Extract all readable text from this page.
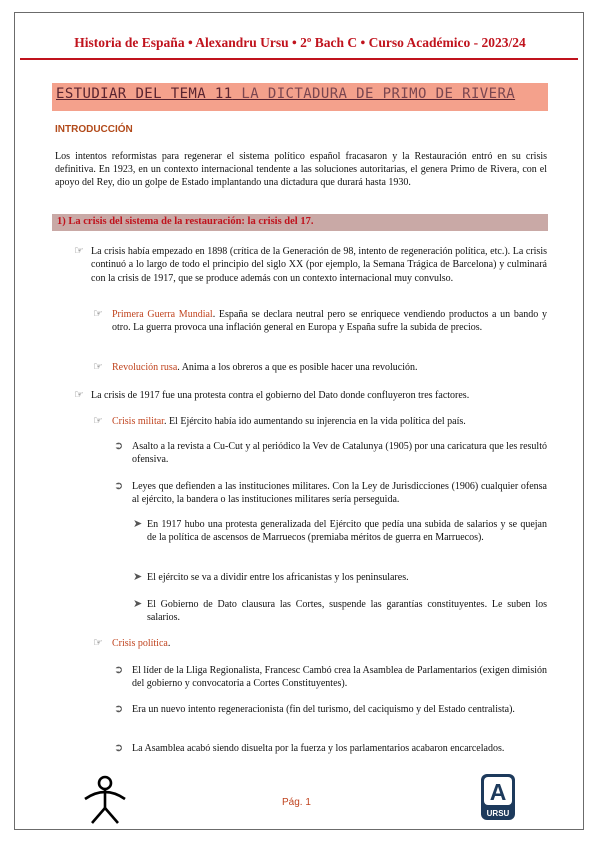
Historia de España • Alexandru Ursu • 2º Bach C • Curso Académico - 2023/24
ESTUDIAR DEL TEMA 11 LA DICTADURA DE PRIMO DE RIVERA
INTRODUCCIÓN
Los intentos reformistas para regenerar el sistema político español fracasaron y la Restauración entró en su crisis definitiva. En 1923, en un contexto internacional tendente a las soluciones autoritarias, el genera Primo de Rivera, con el apoyo del Rey, dio un golpe de Estado implantando una dictadura que durará hasta 1930.
1) La crisis del sistema de la restauración: la crisis del 17.
☞ La crisis había empezado en 1898 (crítica de la Generación de 98, intento de regeneración política, etc.). La crisis continuó a lo largo de todo el principio del siglo XX (por ejemplo, la Semana Trágica de Barcelona) y culminará con la crisis de 1917, que se produce además con un contexto internacional muy convulso.
☞ Primera Guerra Mundial. España se declara neutral pero se enriquece vendiendo productos a un bando y otro. La guerra provoca una inflación general en Europa y España sufre la subida de precios.
☞ Revolución rusa. Anima a los obreros a que es posible hacer una revolución.
☞ La crisis de 1917 fue una protesta contra el gobierno del Dato donde confluyeron tres factores.
☞ Crisis militar. El Ejército había ido aumentando su injerencia en la vida política del país.
➲ Asalto a la revista a Cu-Cut y al periódico la Vev de Catalunya (1905) por una caricatura que les resultó ofensiva.
➲ Leyes que defienden a las instituciones militares. Con la Ley de Jurisdicciones (1906) cualquier ofensa al ejército, la bandera o las instituciones militares sería perseguida.
➤ En 1917 hubo una protesta generalizada del Ejército que pedía una subida de salarios y se quejan de la política de ascensos de Marruecos (premiaba méritos de guerra en Marruecos).
➤ El ejército se va a dividir entre los africanistas y los peninsulares.
➤ El Gobierno de Dato clausura las Cortes, suspende las garantías constituyentes. Le suben los salarios.
☞ Crisis política.
➲ El líder de la Lliga Regionalista, Francesc Cambó crea la Asamblea de Parlamentarios (exigen dimisión del gobierno y convocatoria a Cortes Constituyentes).
➲ Era un nuevo intento regeneracionista (fin del turismo, del caciquismo y del Estado centralista).
➲ La Asamblea acabó siendo disuelta por la fuerza y los parlamentarios acabaron encarcelados.
Pág. 1	A
URSU
